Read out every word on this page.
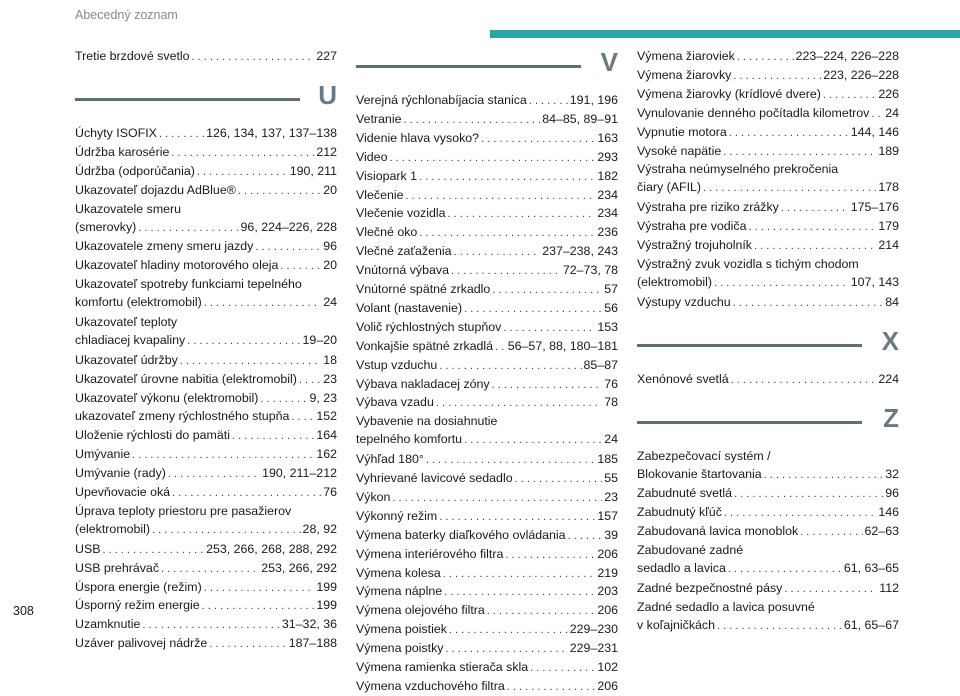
Abecedný zoznam
Tretie brzdové svetlo . . .	227
U
Úchyty ISOFIX . . .	126, 134, 137, 137–138
Údržba karosérie . . .	212
Údržba (odporúčania) . . .	190, 211
Ukazovateľ dojazdu AdBlue® . . .	20
Ukazovatele smeru
(smerovky) . . .	96, 224–226, 228
Ukazovatele zmeny smeru jazdy . . .	96
Ukazovateľ hladiny motorového oleja . . .	20
Ukazovateľ spotreby funkciami tepelného
komfortu (elektromobil) . . .	24
Ukazovateľ teploty
chladiacej kvapaliny . . .	19–20
Ukazovateľ údržby . . .	18
Ukazovateľ úrovne nabitia (elektromobil) . . . 23
Ukazovateľ výkonu (elektromobil) . . .	9, 23
ukazovateľ zmeny rýchlostného stupňa . . . 152
Uloženie rýchlosti do pamäti . . .	164
Umývanie . . .	162
Umývanie (rady) . . .	190, 211–212
Upevňovacie oká . . .	76
Úprava teploty priestoru pre pasažierov
(elektromobil) . . .	28, 92
USB . . .	253, 266, 268, 288, 292
USB prehrávač . . .	253, 266, 292
Úspora energie (režim) . . .	199
Úsporný režim energie . . .	199
Uzamknutie . . .	31–32, 36
Uzáver palivovej nádrže . . .	187–188
V
Verejná rýchlonabíjacia stanica . . .	191, 196
Vetranie . . .	84–85, 89–91
Videnie hlava vysoko? . . .	163
Video . . .	293
Visiopark 1 . . .	182
Vlečenie . . .	234
Vlečenie vozidla . . .	234
Vlečné oko . . .	236
Vlečné zaťaženia . . .	237–238, 243
Vnútorná výbava . . .	72–73, 78
Vnútorné spätné zrkadlo . . .	57
Volant (nastavenie) . . .	56
Volič rýchlostných stupňov . . .	153
Vonkajšie spätné zrkadlá . . . 56–57, 88, 180–181
Vstup vzduchu . . .	85–87
Výbava nakladacej zóny . . .	76
Výbava vzadu . . .	78
Vybavenie na dosiahnutie
tepelného komfortu . . .	24
Výhľad 180° . . .	185
Vyhrievané lavicové sedadlo . . .	55
Výkon . . .	23
Výkonný režim . . .	157
Výmena baterky diaľkového ovládania . . .	39
Výmena interiérového filtra . . .	206
Výmena kolesa . . .	219
Výmena náplne . . .	203
Výmena olejového filtra . . .	206
Výmena poistiek . . .	229–230
Výmena poistky . . .	229–231
Výmena ramienka stierača skla . . .	102
Výmena vzduchového filtra . . .	206
Výmena žiaroviek . . .	223–224, 226–228
Výmena žiarovky . . .	223, 226–228
Výmena žiarovky (krídlové dvere) . . .	226
Vynulovanie denného počítadla kilometrov . . . 24
Vypnutie motora . . .	144, 146
Vysoké napätie . . .	189
Výstraha neúmyselného prekročenia
čiary (AFIL) . . .	178
Výstraha pre riziko zrážky . . .	175–176
Výstraha pre vodiča . . .	179
Výstražný trojuholník . . .	214
Výstražný zvuk vozidla s tichým chodom
(elektromobil) . . .	107, 143
Výstupy vzduchu . . .	84
X
Xenónové svetlá . . .	224
Z
Zabezpečovací systém /
Blokovanie štartovania . . .	32
Zabudnuté svetlá . . .	96
Zabudnutý kľúč . . .	146
Zabudovaná lavica monoblok . . .	62–63
Zabudované zadné
sedadlo a lavica . . .	61, 63–65
Zadné bezpečnostné pásy . . .	112
Zadné sedadlo a lavica posuvné
v koľajničkách . . .	61, 65–67
308
